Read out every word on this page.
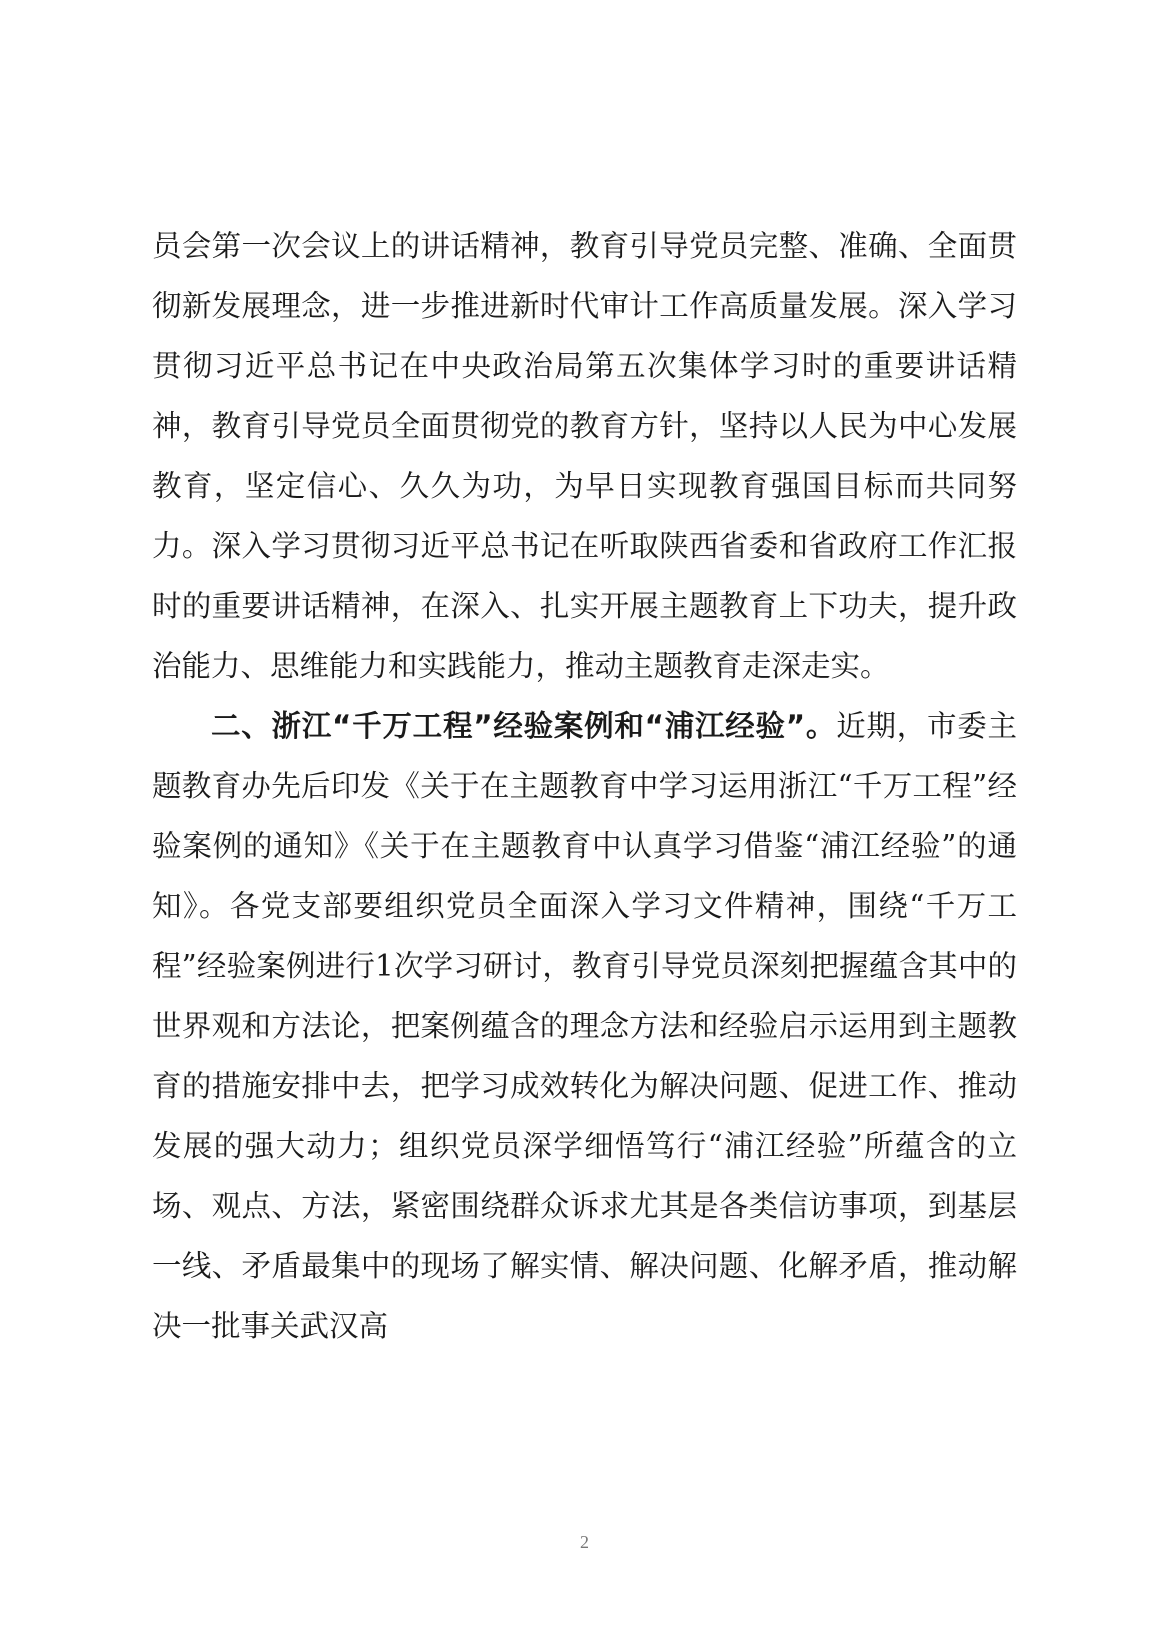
员会第一次会议上的讲话精神，教育引导党员完整、准确、全面贯彻新发展理念，进一步推进新时代审计工作高质量发展。深入学习贯彻习近平总书记在中央政治局第五次集体学习时的重要讲话精神，教育引导党员全面贯彻党的教育方针，坚持以人民为中心发展教育，坚定信心、久久为功，为早日实现教育强国目标而共同努力。深入学习贯彻习近平总书记在听取陕西省委和省政府工作汇报时的重要讲话精神，在深入、扎实开展主题教育上下功夫，提升政治能力、思维能力和实践能力，推动主题教育走深走实。

二、浙江“千万工程”经验案例和“浦江经验”。近期，市委主题教育办先后印发《关于在主题教育中学习运用浙江“千万工程”经验案例的通知》《关于在主题教育中认真学习借鉴“浦江经验”的通知》。各党支部要组织党员全面深入学习文件精神，围绕“千万工程”经验案例进行1次学习研讨，教育引导党员深刻把握蕴含其中的世界观和方法论，把案例蕴含的理念方法和经验启示运用到主题教育的措施安排中去，把学习成效转化为解决问题、促进工作、推动发展的强大动力；组织党员深学细悟笃行“浦江经验”所蕴含的立场、观点、方法，紧密围绕群众诉求尤其是各类信访事项，到基层一线、矛盾最集中的现场了解实情、解决问题、化解矛盾，推动解决一批事关武汉高

2
